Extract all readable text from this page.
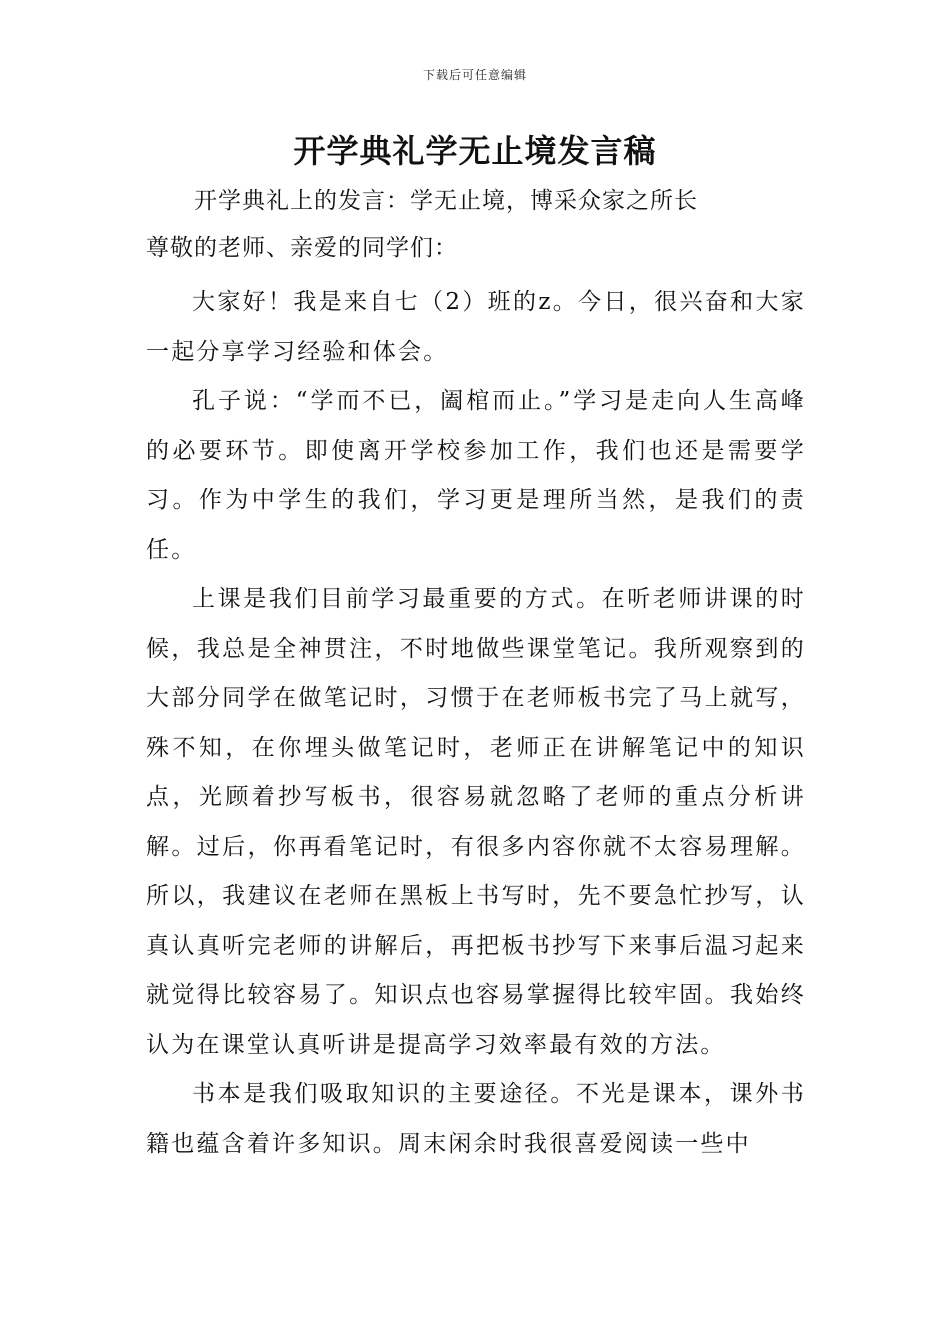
下载后可任意编辑
开学典礼学无止境发言稿
开学典礼上的发言：学无止境，博采众家之所长
尊敬的老师、亲爱的同学们：

大家好！我是来自七（2）班的z。今日，很兴奋和大家一起分享学习经验和体会。

孔子说：“学而不已，阖棺而止。”学习是走向人生高峰的必要环节。即使离开学校参加工作，我们也还是需要学习。作为中学生的我们，学习更是理所当然，是我们的责任。

上课是我们目前学习最重要的方式。在听老师讲课的时候，我总是全神贯注，不时地做些课堂笔记。我所观察到的大部分同学在做笔记时，习惯于在老师板书完了马上就写，殊不知，在你埋头做笔记时，老师正在讲解笔记中的知识点，光顾着抄写板书，很容易就忽略了老师的重点分析讲解。过后，你再看笔记时，有很多内容你就不太容易理解。所以，我建议在老师在黑板上书写时，先不要急忙抄写，认真认真听完老师的讲解后，再把板书抄写下来事后温习起来就觉得比较容易了。知识点也容易掌握得比较牢固。我始终认为在课堂认真听讲是提高学习效率最有效的方法。

书本是我们吸取知识的主要途径。不光是课本，课外书籍也蕴含着许多知识。周末闲余时我很喜爱阅读一些中
